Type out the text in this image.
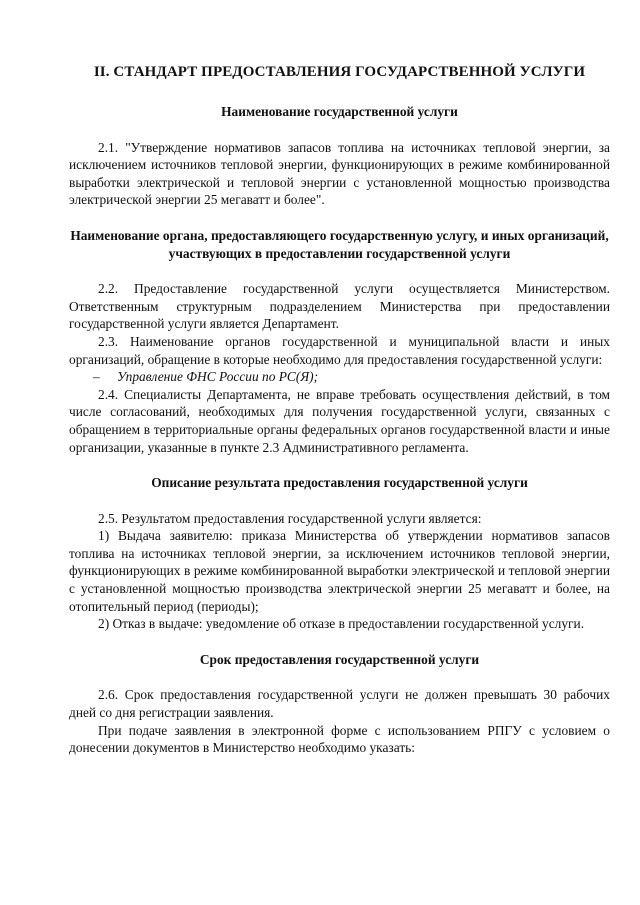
II. СТАНДАРТ ПРЕДОСТАВЛЕНИЯ ГОСУДАРСТВЕННОЙ УСЛУГИ
Наименование государственной услуги

2.1. "Утверждение нормативов запасов топлива на источниках тепловой энергии, за исключением источников тепловой энергии, функционирующих в режиме комбинированной выработки электрической и тепловой энергии с установленной мощностью производства электрической энергии 25 мегаватт и более".

Наименование органа, предоставляющего государственную услугу, и иных организаций, участвующих в предоставлении государственной услуги

2.2. Предоставление государственной услуги осуществляется Министерством. Ответственным структурным подразделением Министерства при предоставлении государственной услуги является Департамент.

2.3. Наименование органов государственной и муниципальной власти и иных организаций, обращение в которые необходимо для предоставления государственной услуги:

– Управление ФНС России по РС(Я);

2.4. Специалисты Департамента, не вправе требовать осуществления действий, в том числе согласований, необходимых для получения государственной услуги, связанных с обращением в территориальные органы федеральных органов государственной власти и иные организации, указанные в пункте 2.3 Административного регламента.

Описание результата предоставления государственной услуги

2.5. Результатом предоставления государственной услуги является:

1) Выдача заявителю: приказа Министерства об утверждении нормативов запасов топлива на источниках тепловой энергии, за исключением источников тепловой энергии, функционирующих в режиме комбинированной выработки электрической и тепловой энергии с установленной мощностью производства электрической энергии 25 мегаватт и более, на отопительный период (периоды);

2) Отказ в выдаче: уведомление об отказе в предоставлении государственной услуги.

Срок предоставления государственной услуги

2.6. Срок предоставления государственной услуги не должен превышать 30 рабочих дней со дня регистрации заявления.

При подаче заявления в электронной форме с использованием РПГУ с условием о донесении документов в Министерство необходимо указать:
